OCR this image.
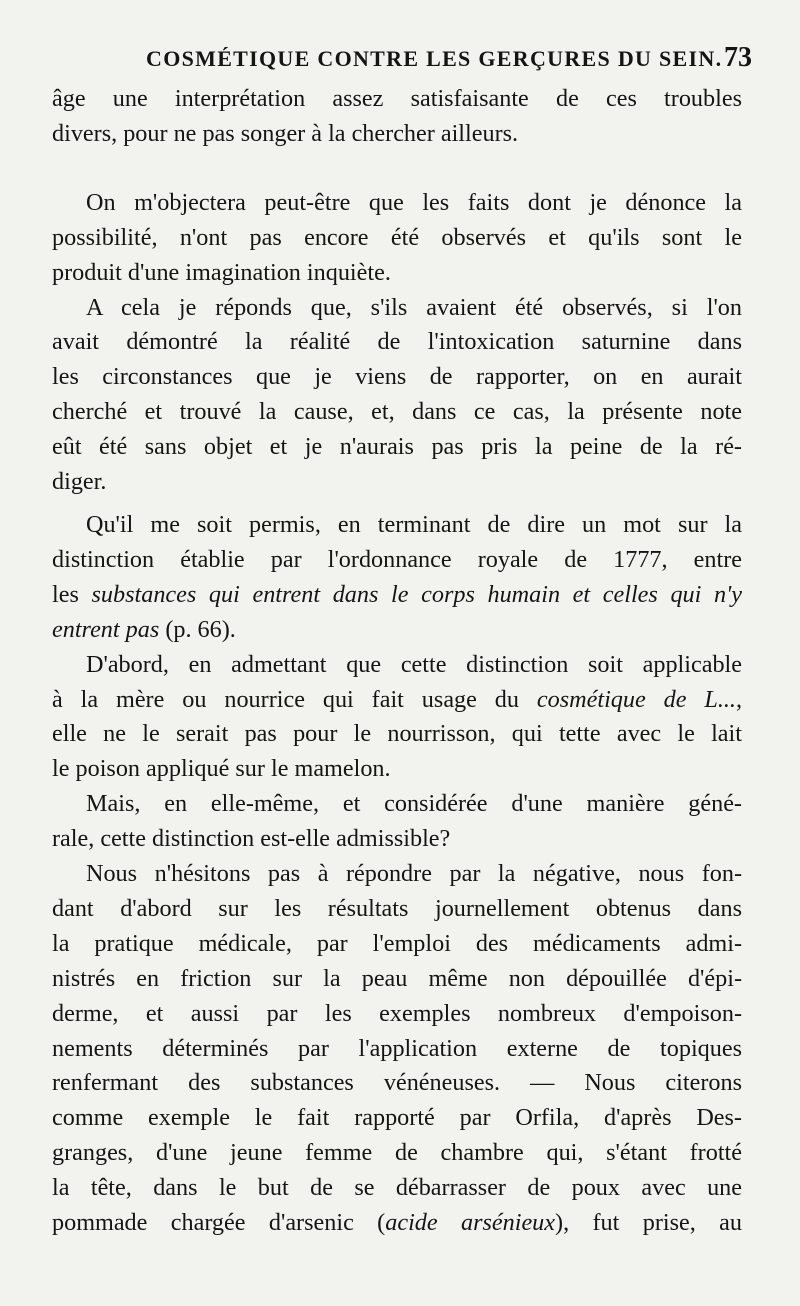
COSMÉTIQUE CONTRE LES GERÇURES DU SEIN. 73
âge une interprétation assez satisfaisante de ces troubles
divers, pour ne pas songer à la chercher ailleurs.
On m'objectera peut-être que les faits dont je dénonce la
possibilité, n'ont pas encore été observés et qu'ils sont le
produit d'une imagination inquiète.
A cela je réponds que, s'ils avaient été observés, si l'on
avait démontré la réalité de l'intoxication saturnine dans
les circonstances que je viens de rapporter, on en aurait
cherché et trouvé la cause, et, dans ce cas, la présente note
eût été sans objet et je n'aurais pas pris la peine de la ré-
diger.
Qu'il me soit permis, en terminant de dire un mot sur la
distinction établie par l'ordonnance royale de 1777, entre
les substances qui entrent dans le corps humain et celles qui n'y
entrent pas (p. 66).
D'abord, en admettant que cette distinction soit applicable
à la mère ou nourrice qui fait usage du cosmétique de L...,
elle ne le serait pas pour le nourrisson, qui tette avec le lait
le poison appliqué sur le mamelon.
Mais, en elle-même, et considérée d'une manière géné-
rale, cette distinction est-elle admissible?
Nous n'hésitons pas à répondre par la négative, nous fon-
dant d'abord sur les résultats journellement obtenus dans
la pratique médicale, par l'emploi des médicaments admi-
nistrés en friction sur la peau même non dépouillée d'épi-
derme, et aussi par les exemples nombreux d'empoison-
nements déterminés par l'application externe de topiques
renfermant des substances vénéneuses. — Nous citerons
comme exemple le fait rapporté par Orfila, d'après Des-
granges, d'une jeune femme de chambre qui, s'étant frotté
la tête, dans le but de se débarrasser de poux avec une
pommade chargée d'arsenic (acide arsénieux), fut prise, au
